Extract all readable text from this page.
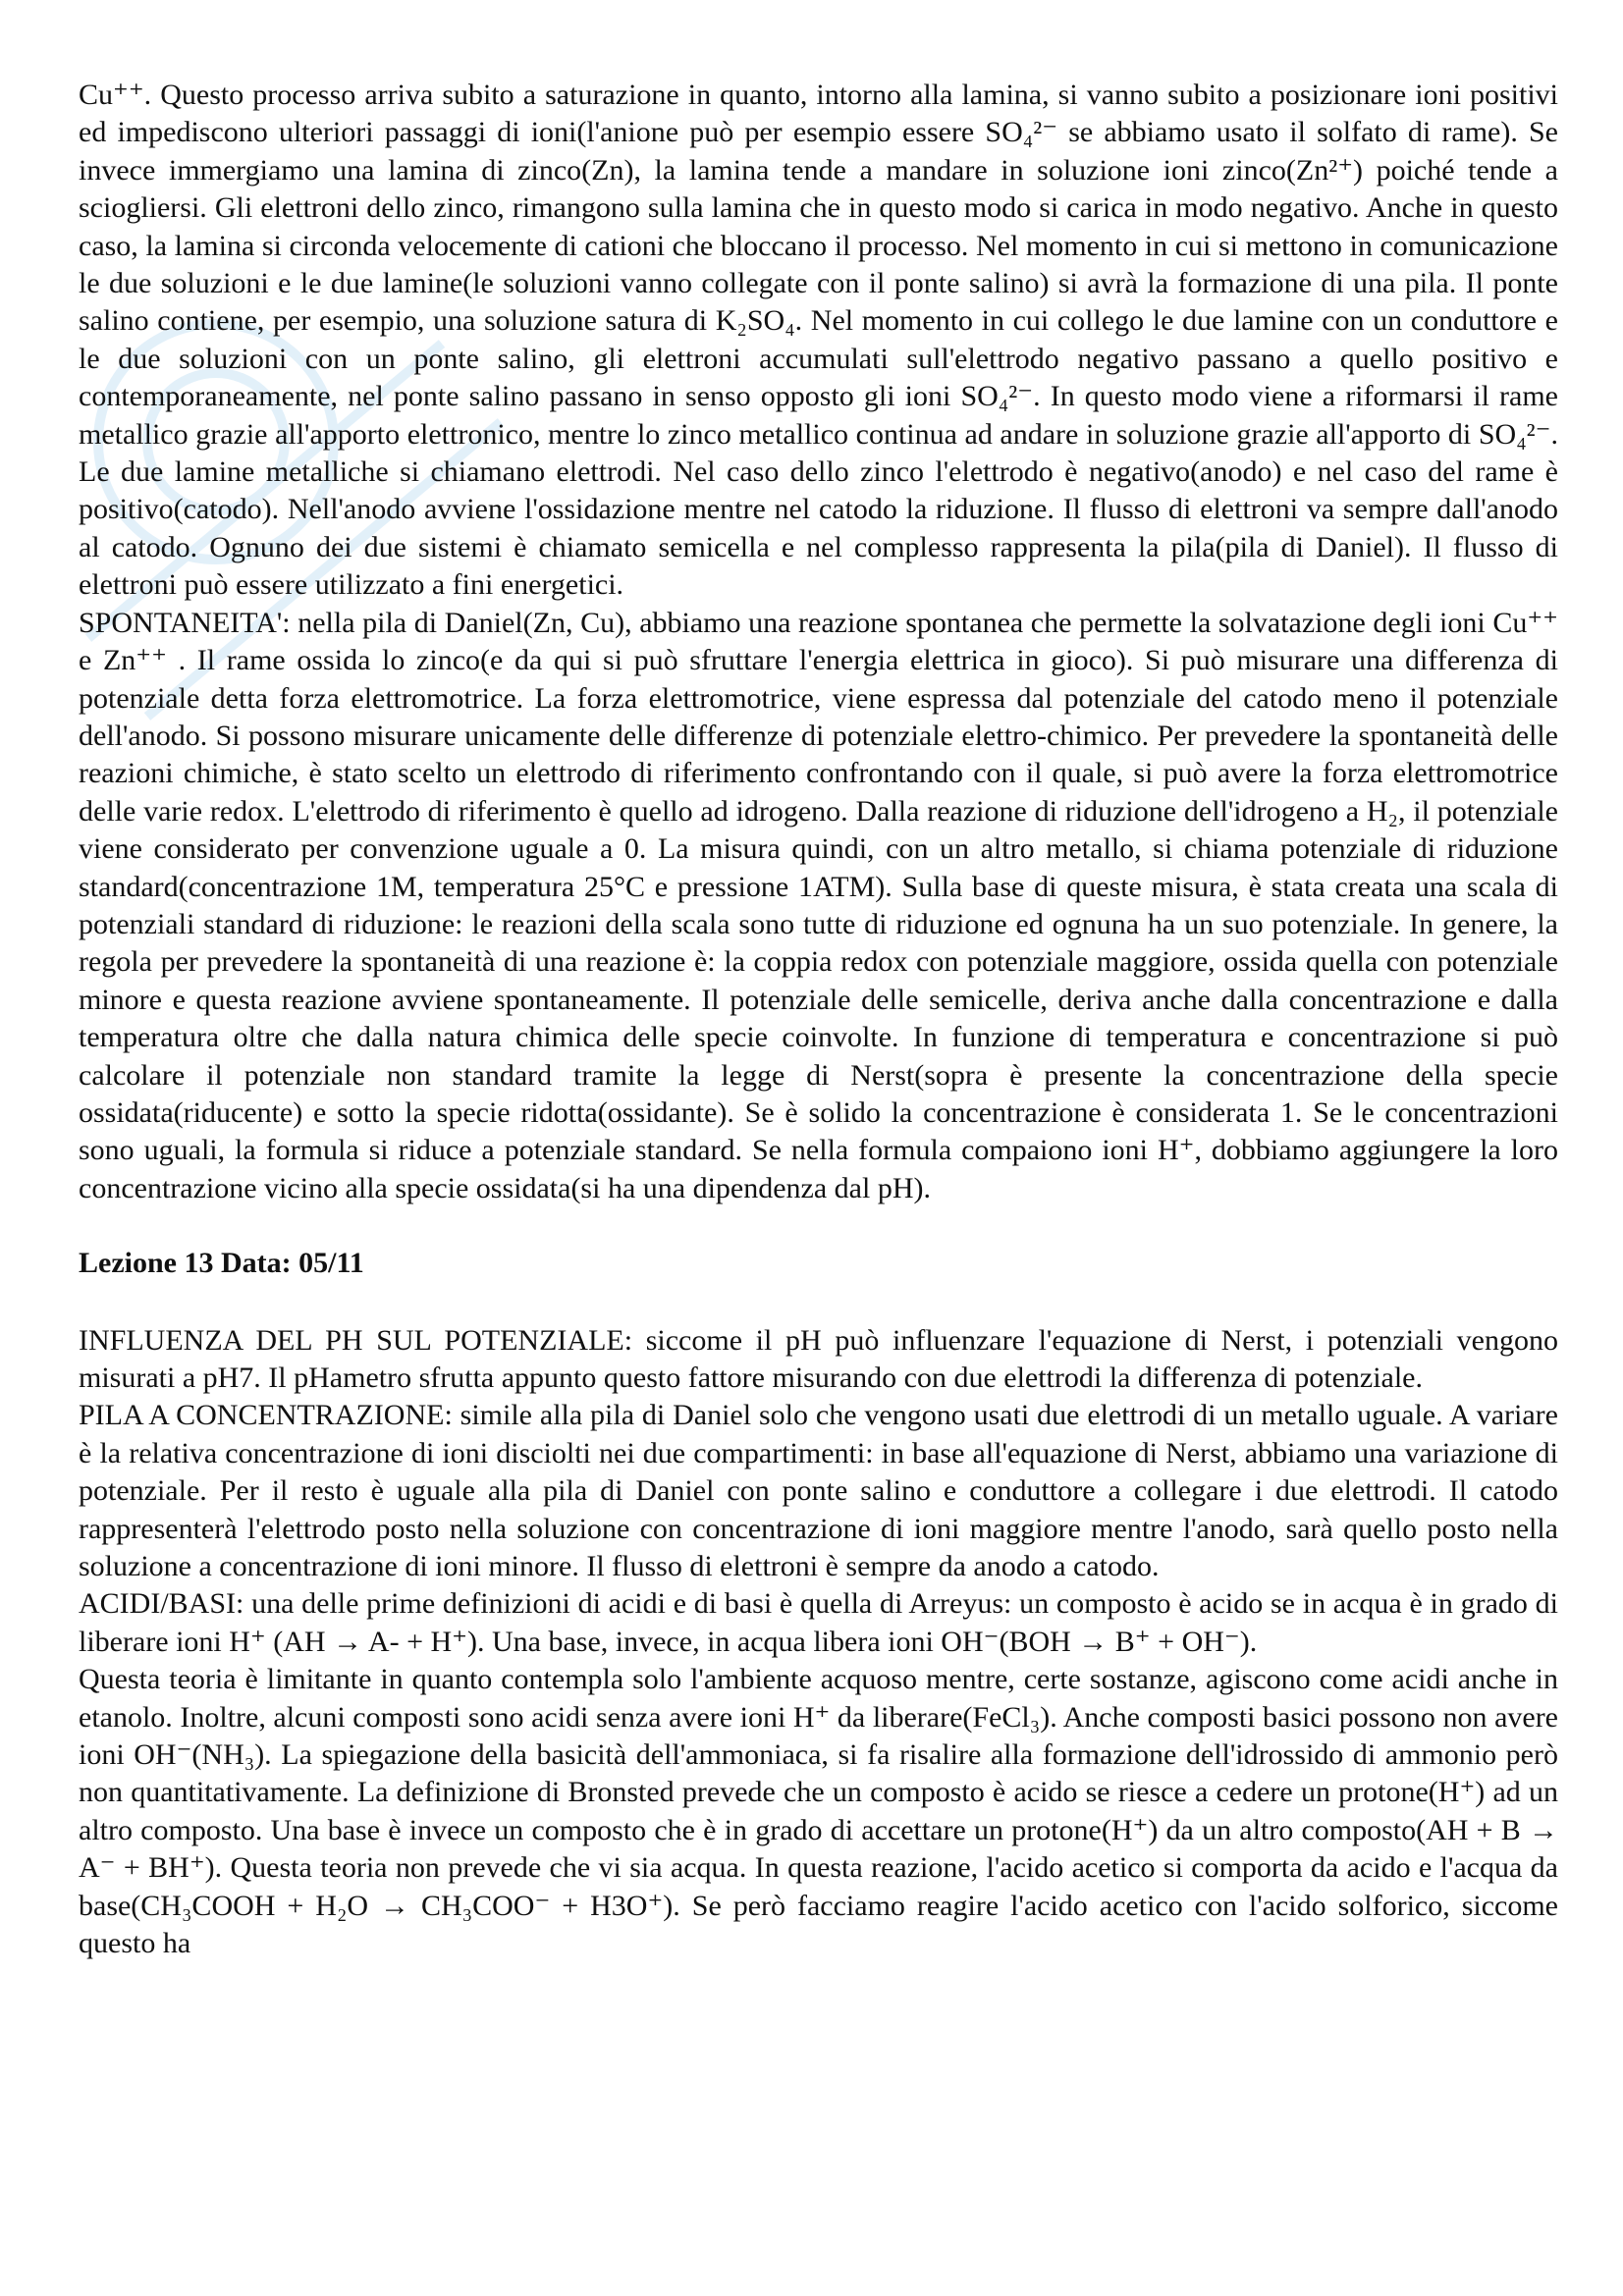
Cu⁺⁺. Questo processo arriva subito a saturazione in quanto, intorno alla lamina, si vanno subito a posizionare ioni positivi ed impediscono ulteriori passaggi di ioni(l'anione può per esempio essere SO₄²⁻ se abbiamo usato il solfato di rame). Se invece immergiamo una lamina di zinco(Zn), la lamina tende a mandare in soluzione ioni zinco(Zn²⁺) poiché tende a sciogliersi. Gli elettroni dello zinco, rimangono sulla lamina che in questo modo si carica in modo negativo. Anche in questo caso, la lamina si circonda velocemente di cationi che bloccano il processo. Nel momento in cui si mettono in comunicazione le due soluzioni e le due lamine(le soluzioni vanno collegate con il ponte salino) si avrà la formazione di una pila. Il ponte salino contiene, per esempio, una soluzione satura di K₂SO₄. Nel momento in cui collego le due lamine con un conduttore e le due soluzioni con un ponte salino, gli elettroni accumulati sull'elettrodo negativo passano a quello positivo e contemporaneamente, nel ponte salino passano in senso opposto gli ioni SO₄²⁻. In questo modo viene a riformarsi il rame metallico grazie all'apporto elettronico, mentre lo zinco metallico continua ad andare in soluzione grazie all'apporto di SO₄²⁻. Le due lamine metalliche si chiamano elettrodi. Nel caso dello zinco l'elettrodo è negativo(anodo) e nel caso del rame è positivo(catodo). Nell'anodo avviene l'ossidazione mentre nel catodo la riduzione. Il flusso di elettroni va sempre dall'anodo al catodo. Ognuno dei due sistemi è chiamato semicella e nel complesso rappresenta la pila(pila di Daniel). Il flusso di elettroni può essere utilizzato a fini energetici.

SPONTANEITA': nella pila di Daniel(Zn, Cu), abbiamo una reazione spontanea che permette la solvatazione degli ioni Cu⁺⁺ e Zn⁺⁺ . Il rame ossida lo zinco(e da qui si può sfruttare l'energia elettrica in gioco). Si può misurare una differenza di potenziale detta forza elettromotrice. La forza elettromotrice, viene espressa dal potenziale del catodo meno il potenziale dell'anodo. Si possono misurare unicamente delle differenze di potenziale elettro-chimico. Per prevedere la spontaneità delle reazioni chimiche, è stato scelto un elettrodo di riferimento confrontando con il quale, si può avere la forza elettromotrice delle varie redox. L'elettrodo di riferimento è quello ad idrogeno. Dalla reazione di riduzione dell'idrogeno a H₂, il potenziale viene considerato per convenzione uguale a 0. La misura quindi, con un altro metallo, si chiama potenziale di riduzione standard(concentrazione 1M, temperatura 25°C e pressione 1ATM). Sulla base di queste misura, è stata creata una scala di potenziali standard di riduzione: le reazioni della scala sono tutte di riduzione ed ognuna ha un suo potenziale. In genere, la regola per prevedere la spontaneità di una reazione è: la coppia redox con potenziale maggiore, ossida quella con potenziale minore e questa reazione avviene spontaneamente. Il potenziale delle semicelle, deriva anche dalla concentrazione e dalla temperatura oltre che dalla natura chimica delle specie coinvolte. In funzione di temperatura e concentrazione si può calcolare il potenziale non standard tramite la legge di Nerst(sopra è presente la concentrazione della specie ossidata(riducente) e sotto la specie ridotta(ossidante). Se è solido la concentrazione è considerata 1. Se le concentrazioni sono uguali, la formula si riduce a potenziale standard. Se nella formula compaiono ioni H⁺, dobbiamo aggiungere la loro concentrazione vicino alla specie ossidata(si ha una dipendenza dal pH).

Lezione 13 Data: 05/11

INFLUENZA DEL PH SUL POTENZIALE: siccome il pH può influenzare l'equazione di Nerst, i potenziali vengono misurati a pH7. Il pHametro sfrutta appunto questo fattore misurando con due elettrodi la differenza di potenziale.

PILA A CONCENTRAZIONE: simile alla pila di Daniel solo che vengono usati due elettrodi di un metallo uguale. A variare è la relativa concentrazione di ioni disciolti nei due compartimenti: in base all'equazione di Nerst, abbiamo una variazione di potenziale. Per il resto è uguale alla pila di Daniel con ponte salino e conduttore a collegare i due elettrodi. Il catodo rappresenterà l'elettrodo posto nella soluzione con concentrazione di ioni maggiore mentre l'anodo, sarà quello posto nella soluzione a concentrazione di ioni minore. Il flusso di elettroni è sempre da anodo a catodo.

ACIDI/BASI: una delle prime definizioni di acidi e di basi è quella di Arreyus: un composto è acido se in acqua è in grado di liberare ioni H⁺ (AH → A- + H⁺). Una base, invece, in acqua libera ioni OH⁻(BOH → B⁺ + OH⁻).

Questa teoria è limitante in quanto contempla solo l'ambiente acquoso mentre, certe sostanze, agiscono come acidi anche in etanolo. Inoltre, alcuni composti sono acidi senza avere ioni H⁺ da liberare(FeCl₃). Anche composti basici possono non avere ioni OH⁻(NH₃). La spiegazione della basicità dell'ammoniaca, si fa risalire alla formazione dell'idrossido di ammonio però non quantitativamente. La definizione di Bronsted prevede che un composto è acido se riesce a cedere un protone(H⁺) ad un altro composto. Una base è invece un composto che è in grado di accettare un protone(H⁺) da un altro composto(AH + B → A⁻ + BH⁺). Questa teoria non prevede che vi sia acqua. In questa reazione, l'acido acetico si comporta da acido e l'acqua da base(CH₃COOH + H₂O → CH₃COO⁻ + H3O⁺). Se però facciamo reagire l'acido acetico con l'acido solforico, siccome questo ha
